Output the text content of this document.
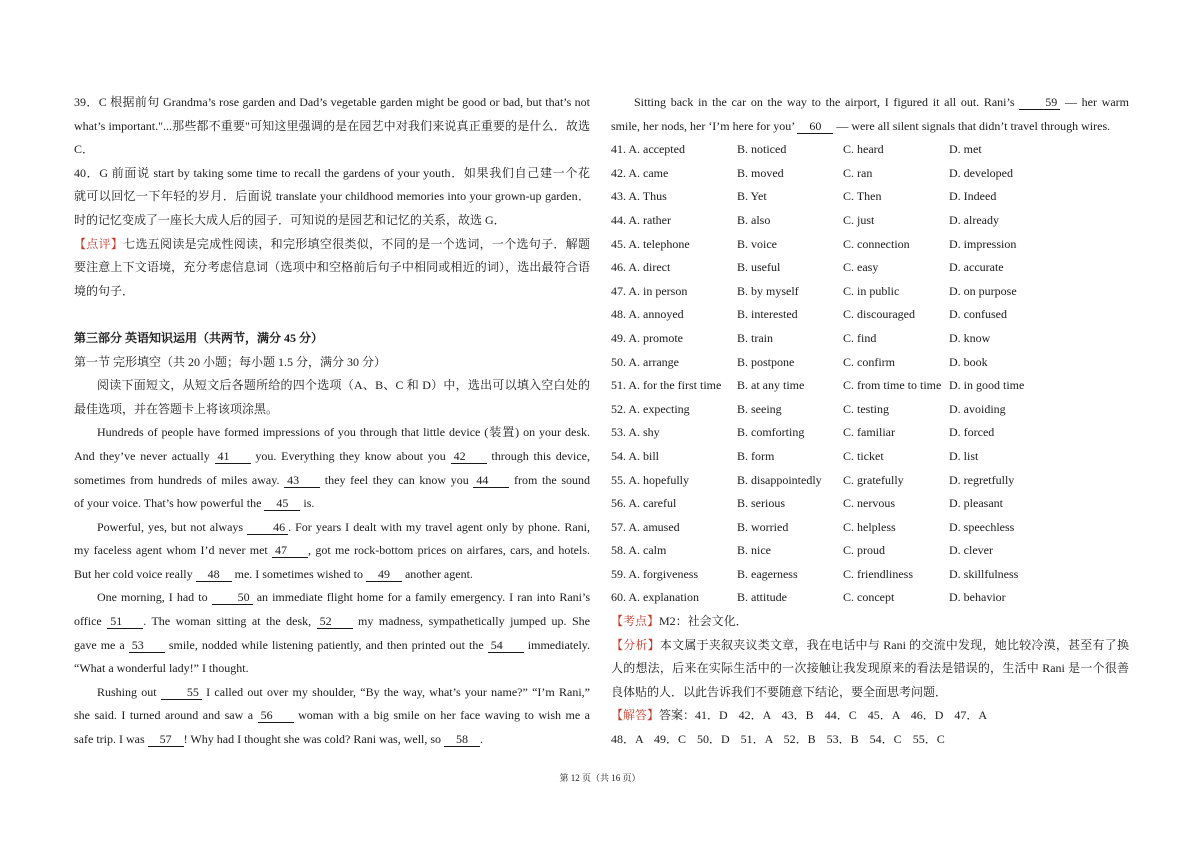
39．C 根据前句 Grandma’s rose garden and Dad’s vegetable garden might be good or bad, but that’s not
what’s important."...那些都不重要"可知这里强调的是在园艺中对我们来说真正重要的是什么．故选
C．
40．G 前面说 start by taking some time to recall the gardens of your youth．如果我们自己建一个花
就可以回忆一下年轻的岁月．后面说 translate your childhood memories into your grown-up garden．
时的记忆变成了一座长大成人后的园子．可知说的是园艺和记忆的关系，故选 G．
【点评】七选五阅读是完成性阅读，和完形填空很类似，不同的是一个选词，一个选句子．解题
要注意上下文语境，充分考虑信息词（选项中和空格前后句子中相同或相近的词），选出最符合语
境的句子．
第三部分 英语知识运用（共两节，满分 45 分）
第一节 完形填空（共 20 小题；每小题 1.5 分，满分 30 分）
阅读下面短文，从短文后各题所给的四个选项（A、B、C 和 D）中，选出可以填入空白处的
最佳选项，并在答题卡上将该项涂黑。
Hundreds of people have formed impressions of you through that little device (装置) on your desk.
And they’ve never actually 41 you. Everything they know about you 42 through this device,
sometimes from hundreds of miles away. 43 they feel they can know you 44 from the sound
of your voice. That’s how powerful the 45 is.
Powerful, yes, but not always 46 . For years I dealt with my travel agent only by phone. Rani,
my faceless agent whom I’d never met 47 , got me rock-bottom prices on airfares, cars, and hotels.
But her cold voice really 48 me. I sometimes wished to 49 another agent.
One morning, I had to 50 an immediate flight home for a family emergency. I ran into Rani’s
office 51 . The woman sitting at the desk, 52 my madness, sympathetically jumped up. She
gave me a 53 smile, nodded while listening patiently, and then printed out the 54 immediately.
“What a wonderful lady!” I thought.
Rushing out 55 I called out over my shoulder, “By the way, what’s your name?” “I’m Rani,”
she said. I turned around and saw a 56 woman with a big smile on her face waving to wish me a
safe trip. I was 57 ! Why had I thought she was cold? Rani was, well, so 58 .
Sitting back in the car on the way to the airport, I figured it all out. Rani’s 59 — her warm
smile, her nods, her ‘I’m here for you’ 60 — were all silent signals that didn’t travel through wires.
41. A. accepted	B. noticed	C. heard	D. met
42. A. came	B. moved	C. ran	D. developed
43. A. Thus	B. Yet	C. Then	D. Indeed
44. A. rather	B. also	C. just	D. already
45. A. telephone	B. voice	C. connection	D. impression
46. A. direct	B. useful	C. easy	D. accurate
47. A. in person	B. by myself	C. in public	D. on purpose
48. A. annoyed	B. interested	C. discouraged	D. confused
49. A. promote	B. train	C. find	D. know
50. A. arrange	B. postpone	C. confirm	D. book
51. A. for the first time	B. at any time	C. from time to time D. in good time
52. A. expecting	B. seeing	C. testing	D. avoiding
53. A. shy	B. comforting	C. familiar	D. forced
54. A. bill	B. form	C. ticket	D. list
55. A. hopefully	B. disappointedly	C. gratefully	D. regretfully
56. A. careful	B. serious	C. nervous	D. pleasant
57. A. amused	B. worried	C. helpless	D. speechless
58. A. calm	B. nice	C. proud	D. clever
59. A. forgiveness	B. eagerness	C. friendliness	D. skillfulness
60. A. explanation	B. attitude	C. concept	D. behavior
【考点】M2：社会文化．
【分析】本文属于夹叙夹议类文章，我在电话中与 Rani 的交流中发现，她比较冷漠，甚至有了换
人的想法，后来在实际生活中的一次接触让我发现原来的看法是错误的，生活中 Rani 是一个很善
良体贴的人．以此告诉我们不要随意下结论，要全面思考问题．
【解答】答案：41．D 42．A 43．B 44．C 45．A 46．D 47．A
48．A 49．C 50．D 51．A 52．B 53．B 54．C 55．C
第 12 页（共 16 页）
